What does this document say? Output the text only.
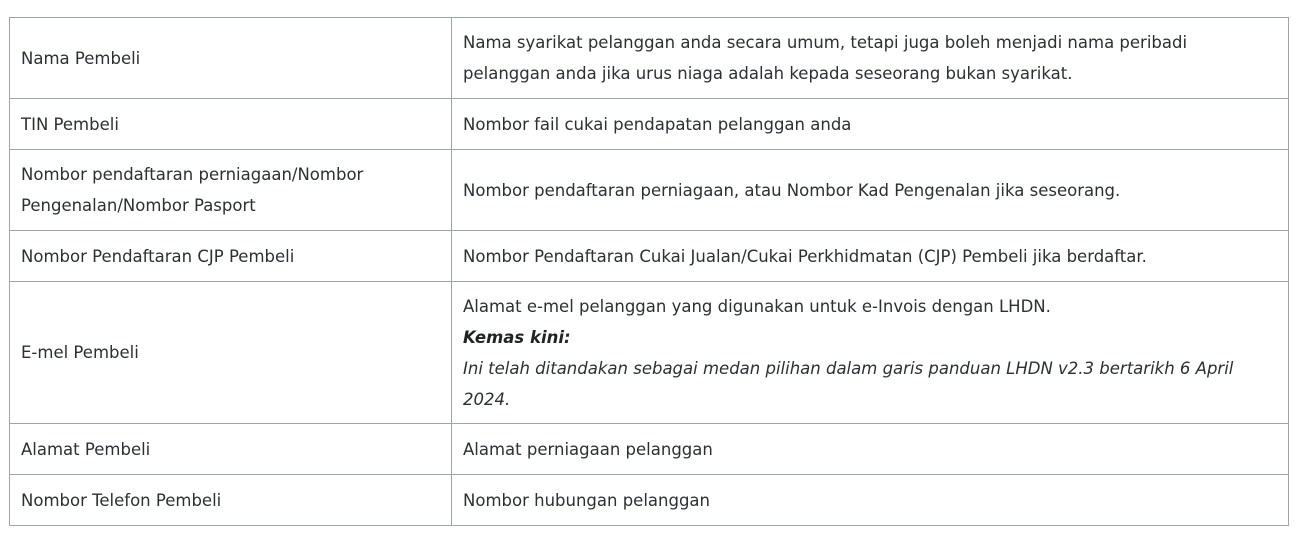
Nama Pembeli	Nama syarikat pelanggan anda secara umum, tetapi juga boleh menjadi nama peribadi pelanggan anda jika urus niaga adalah kepada seseorang bukan syarikat.
TIN Pembeli	Nombor fail cukai pendapatan pelanggan anda
Nombor pendaftaran perniagaan/Nombor Pengenalan/Nombor Pasport	Nombor pendaftaran perniagaan, atau Nombor Kad Pengenalan jika seseorang.
Nombor Pendaftaran CJP Pembeli	Nombor Pendaftaran Cukai Jualan/Cukai Perkhidmatan (CJP) Pembeli jika berdaftar.
E-mel Pembeli	Alamat e-mel pelanggan yang digunakan untuk e-Invois dengan LHDN.
Kemas kini:
Ini telah ditandakan sebagai medan pilihan dalam garis panduan LHDN v2.3 bertarikh 6 April 2024.

Alamat Pembeli	Alamat perniagaan pelanggan
Nombor Telefon Pembeli	Nombor hubungan pelanggan
